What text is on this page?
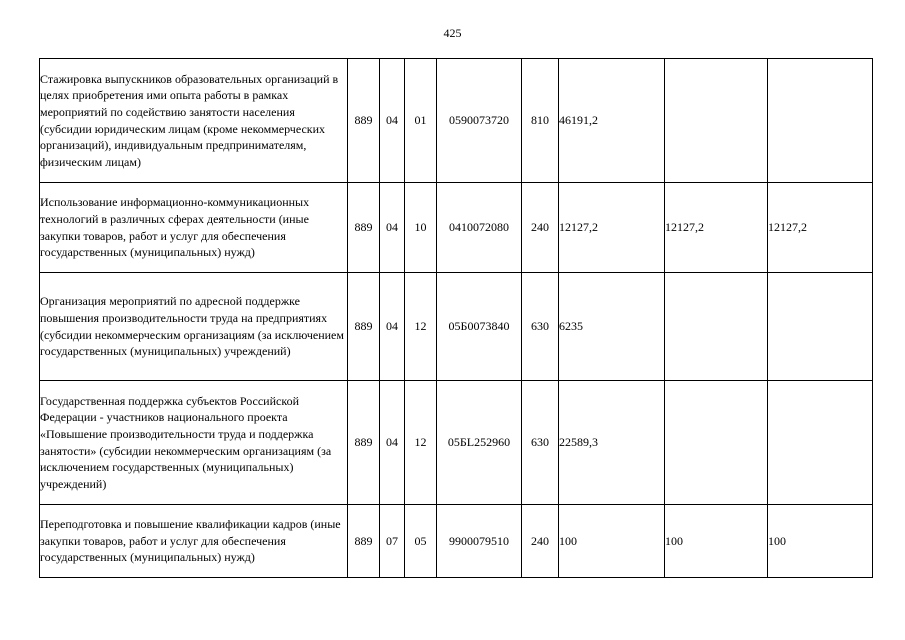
425
Стажировка выпускников образовательных организаций в целях приобретения ими опыта работы в рамках мероприятий по содействию занятости населения (субсидии юридическим лицам (кроме некоммерческих организаций), индивидуальным предпринимателям, физическим лицам)	889	04	01	0590073720	810	46191,2		
Использование информационно-коммуникационных технологий в различных сферах деятельности (иные закупки товаров, работ и услуг для обеспечения государственных (муниципальных) нужд)	889	04	10	0410072080	240	12127,2	12127,2	12127,2
Организация мероприятий по адресной поддержке повышения производительности труда на предприятиях (субсидии некоммерческим организациям (за исключением государственных (муниципальных) учреждений)	889	04	12	05Б0073840	630	6235		
Государственная поддержка субъектов Российской Федерации - участников национального проекта «Повышение производительности труда и поддержка занятости» (субсидии некоммерческим организациям (за исключением государственных (муниципальных) учреждений)	889	04	12	05БL252960	630	22589,3		
Переподготовка и повышение квалификации кадров (иные закупки товаров, работ и услуг для обеспечения государственных (муниципальных) нужд)	889	07	05	9900079510	240	100	100	100
